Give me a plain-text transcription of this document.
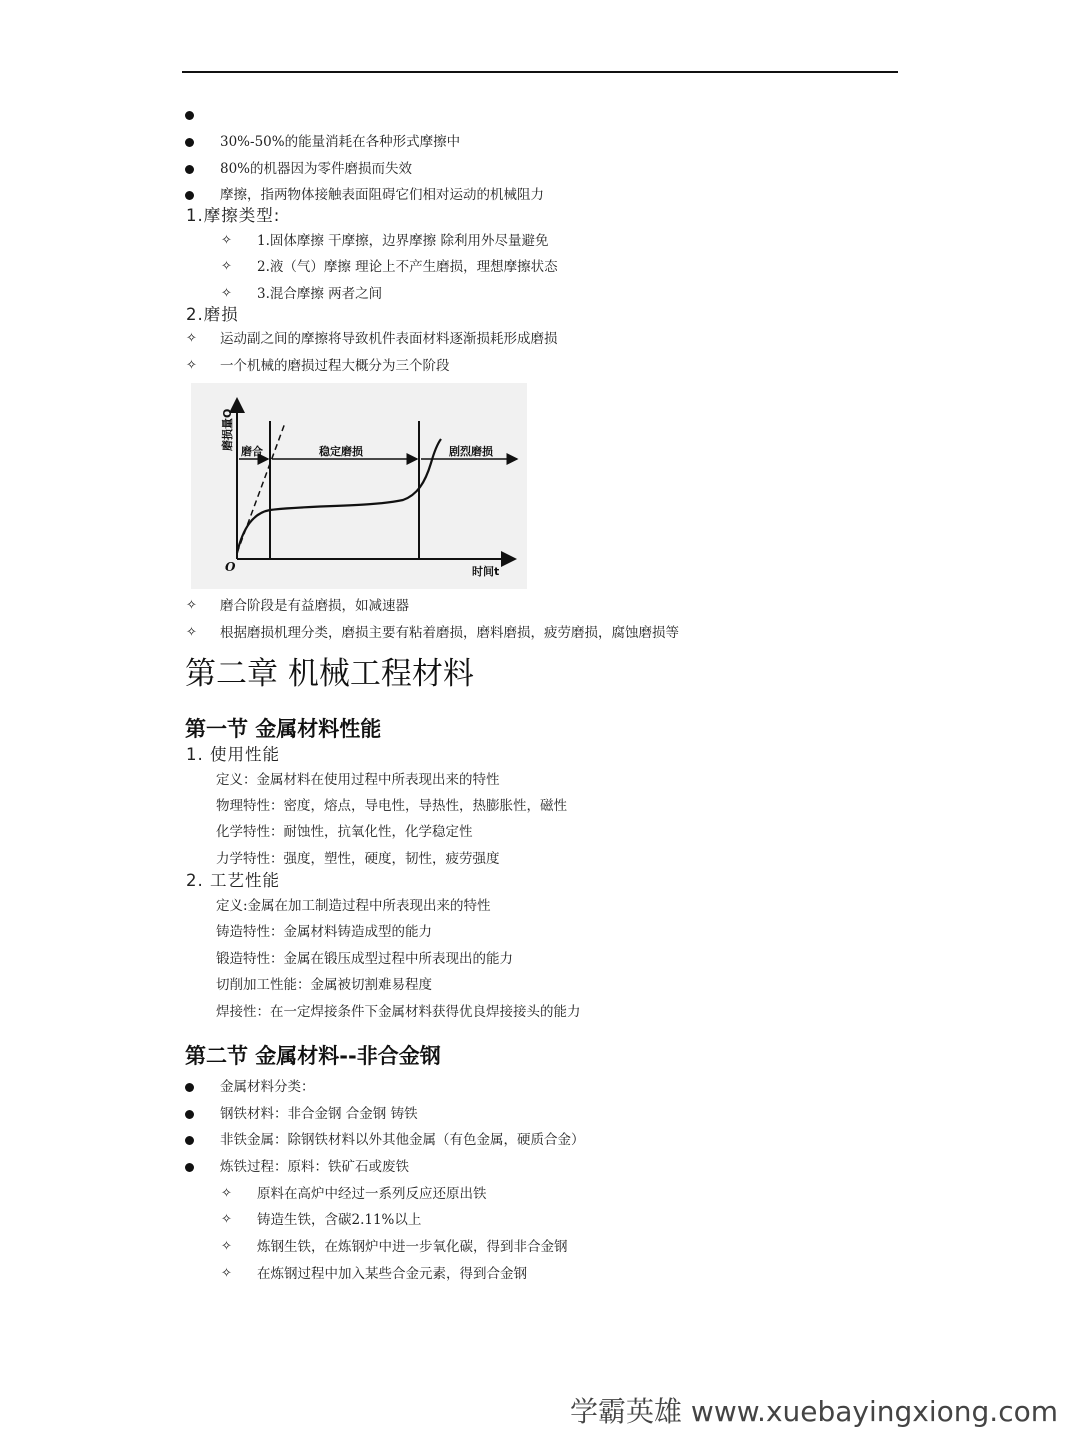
30%-50%的能量消耗在各种形式摩擦中
80%的机器因为零件磨损而失效
摩擦，指两物体接触表面阻碍它们相对运动的机械阻力
1.摩擦类型:
✧ 1.固体摩擦 干摩擦，边界摩擦 除利用外尽量避免
✧ 2.液（气）摩擦 理论上不产生磨损，理想摩擦状态
✧ 3.混合摩擦 两者之间
2.磨损
✧ 运动副之间的摩擦将导致机件表面材料逐渐损耗形成磨损
✧ 一个机械的磨损过程大概分为三个阶段
磨损量Q
磨合	稳定磨损	剧烈磨损
O	时间t
✧ 磨合阶段是有益磨损，如减速器
✧ 根据磨损机理分类，磨损主要有粘着磨损，磨料磨损，疲劳磨损，腐蚀磨损等
第二章 机械工程材料
第一节 金属材料性能
1. 使用性能
定义：金属材料在使用过程中所表现出来的特性
物理特性：密度，熔点，导电性，导热性，热膨胀性，磁性
化学特性：耐蚀性，抗氧化性，化学稳定性
力学特性：强度，塑性，硬度，韧性，疲劳强度
2. 工艺性能
定义:金属在加工制造过程中所表现出来的特性
铸造特性：金属材料铸造成型的能力
锻造特性：金属在锻压成型过程中所表现出的能力
切削加工性能：金属被切割难易程度
焊接性：在一定焊接条件下金属材料获得优良焊接接头的能力
第二节 金属材料--非合金钢
金属材料分类：
钢铁材料：非合金钢 合金钢 铸铁
非铁金属：除钢铁材料以外其他金属（有色金属，硬质合金）
炼铁过程：原料：铁矿石或废铁
✧ 原料在高炉中经过一系列反应还原出铁
✧ 铸造生铁，含碳2.11%以上
✧ 炼钢生铁，在炼钢炉中进一步氧化碳，得到非合金钢
✧ 在炼钢过程中加入某些合金元素，得到合金钢
学霸英雄 www.xuebayingxiong.com
